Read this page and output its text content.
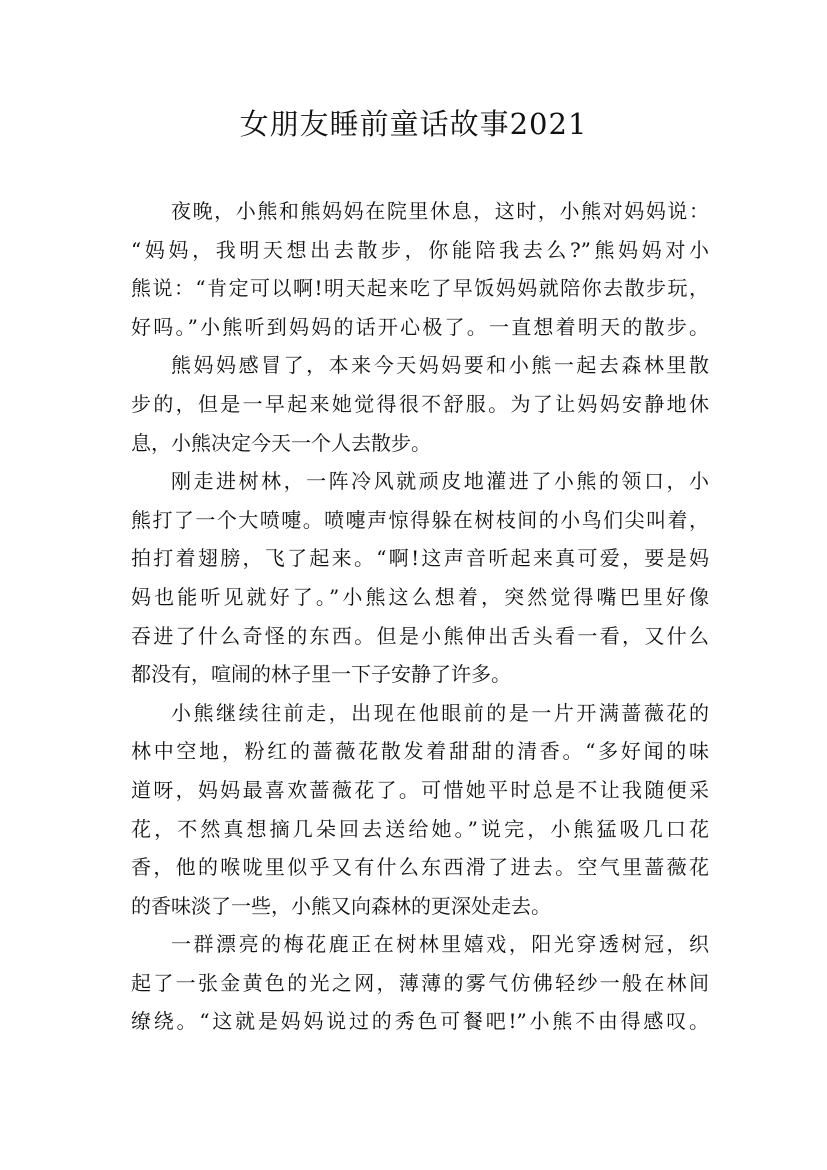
女朋友睡前童话故事2021
夜晚，小熊和熊妈妈在院里休息，这时，小熊对妈妈说：
“妈妈，我明天想出去散步，你能陪我去么?”熊妈妈对小
熊说：“肯定可以啊!明天起来吃了早饭妈妈就陪你去散步玩，
好吗。”小熊听到妈妈的话开心极了。一直想着明天的散步。
熊妈妈感冒了，本来今天妈妈要和小熊一起去森林里散
步的，但是一早起来她觉得很不舒服。为了让妈妈安静地休
息，小熊决定今天一个人去散步。
刚走进树林，一阵冷风就顽皮地灌进了小熊的领口，小
熊打了一个大喷嚏。喷嚏声惊得躲在树枝间的小鸟们尖叫着，
拍打着翅膀，飞了起来。“啊!这声音听起来真可爱，要是妈
妈也能听见就好了。”小熊这么想着，突然觉得嘴巴里好像
吞进了什么奇怪的东西。但是小熊伸出舌头看一看，又什么
都没有，喧闹的林子里一下子安静了许多。
小熊继续往前走，出现在他眼前的是一片开满蔷薇花的
林中空地，粉红的蔷薇花散发着甜甜的清香。“多好闻的味
道呀，妈妈最喜欢蔷薇花了。可惜她平时总是不让我随便采
花，不然真想摘几朵回去送给她。”说完，小熊猛吸几口花
香，他的喉咙里似乎又有什么东西滑了进去。空气里蔷薇花
的香味淡了一些，小熊又向森林的更深处走去。
一群漂亮的梅花鹿正在树林里嬉戏，阳光穿透树冠，织
起了一张金黄色的光之网，薄薄的雾气仿佛轻纱一般在林间
缭绕。“这就是妈妈说过的秀色可餐吧!”小熊不由得感叹。
